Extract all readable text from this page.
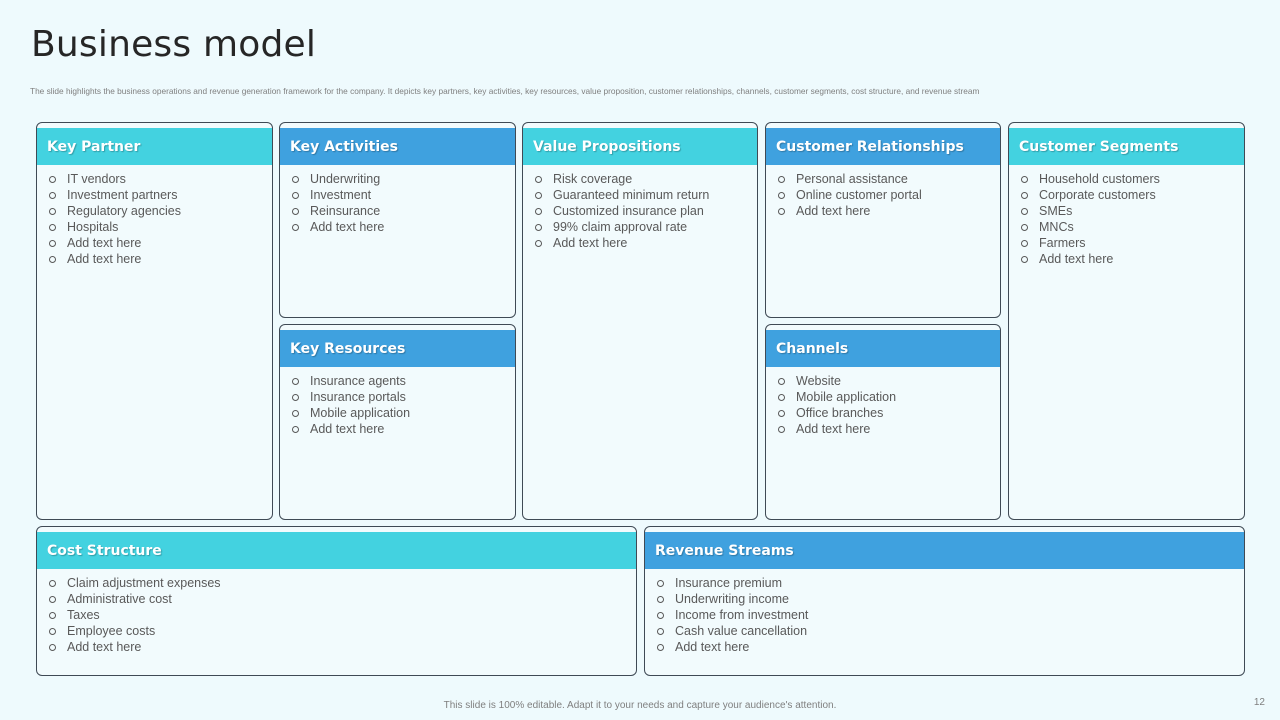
Business model
The slide highlights the business operations and revenue generation framework for the company. It depicts key partners, key activities, key resources, value proposition, customer relationships, channels, customer segments, cost structure, and revenue stream
Key Partner
IT vendors
Investment partners
Regulatory agencies
Hospitals
Add text here
Add text here
Key Activities
Underwriting
Investment
Reinsurance
Add text here
Key Resources
Insurance agents
Insurance portals
Mobile application
Add text here
Value Propositions
Risk coverage
Guaranteed minimum return
Customized insurance plan
99% claim approval rate
Add text here
Customer Relationships
Personal assistance
Online customer portal
Add text here
Channels
Website
Mobile application
Office branches
Add text here
Customer Segments
Household customers
Corporate customers
SMEs
MNCs
Farmers
Add text here
Cost Structure
Claim adjustment expenses
Administrative cost
Taxes
Employee costs
Add text here
Revenue Streams
Insurance premium
Underwriting income
Income from investment
Cash value cancellation
Add text here
This slide is 100% editable. Adapt it to your needs and capture your audience's attention.	12
